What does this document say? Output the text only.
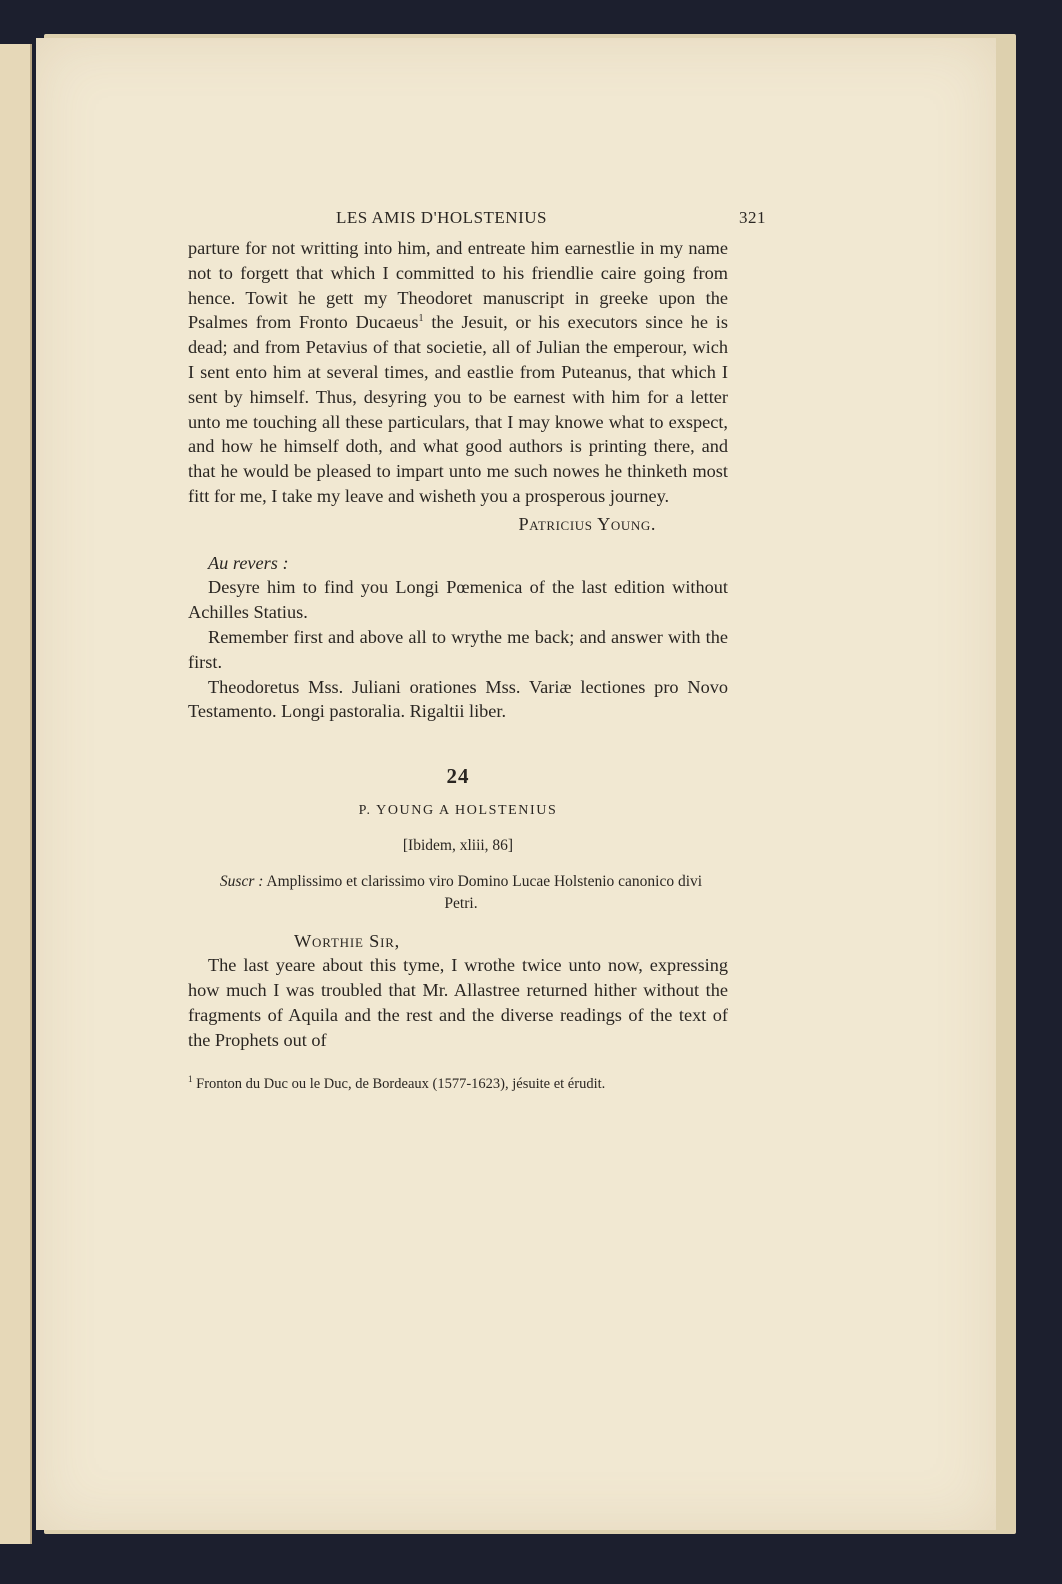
LES AMIS D'HOLSTENIUS	321

parture for not writting into him, and entreate him earnestlie in my name not to forgett that which I committed to his friendlie caire going from hence. Towit he gett my Theodoret manuscript in greeke upon the Psalmes from Fronto Ducaeus$^1$ the Jesuit, or his executors since he is dead; and from Petavius of that societie, all of Julian the emperour, wich I sent ento him at several times, and eastlie from Puteanus, that which I sent by himself. Thus, desyring you to be earnest with him for a letter unto me touching all these particulars, that I may knowe what to exspect, and how he himself doth, and what good authors is printing there, and that he would be pleased to impart unto me such nowes he thinketh most fitt for me, I take my leave and wisheth you a prosperous journey.

Patricius Young.

Au revers :

Desyre him to find you Longi Pœmenica of the last edition without Achilles Statius.

Remember first and above all to wrythe me back; and answer with the first.

Theodoretus Mss. Juliani orationes Mss. Variæ lectiones pro Novo Testamento. Longi pastoralia. Rigaltii liber.

24

P. YOUNG A HOLSTENIUS

[Ibidem, xliii, 86]

Suscr : Amplissimo et clarissimo viro Domino Lucae Holstenio canonico divi Petri.

Worthie Sir,

The last yeare about this tyme, I wrothe twice unto now, expressing how much I was troubled that Mr. Allastree returned hither without the fragments of Aquila and the rest and the diverse readings of the text of the Prophets out of

$^1$ Fronton du Duc ou le Duc, de Bordeaux (1577-1623), jésuite et érudit.
